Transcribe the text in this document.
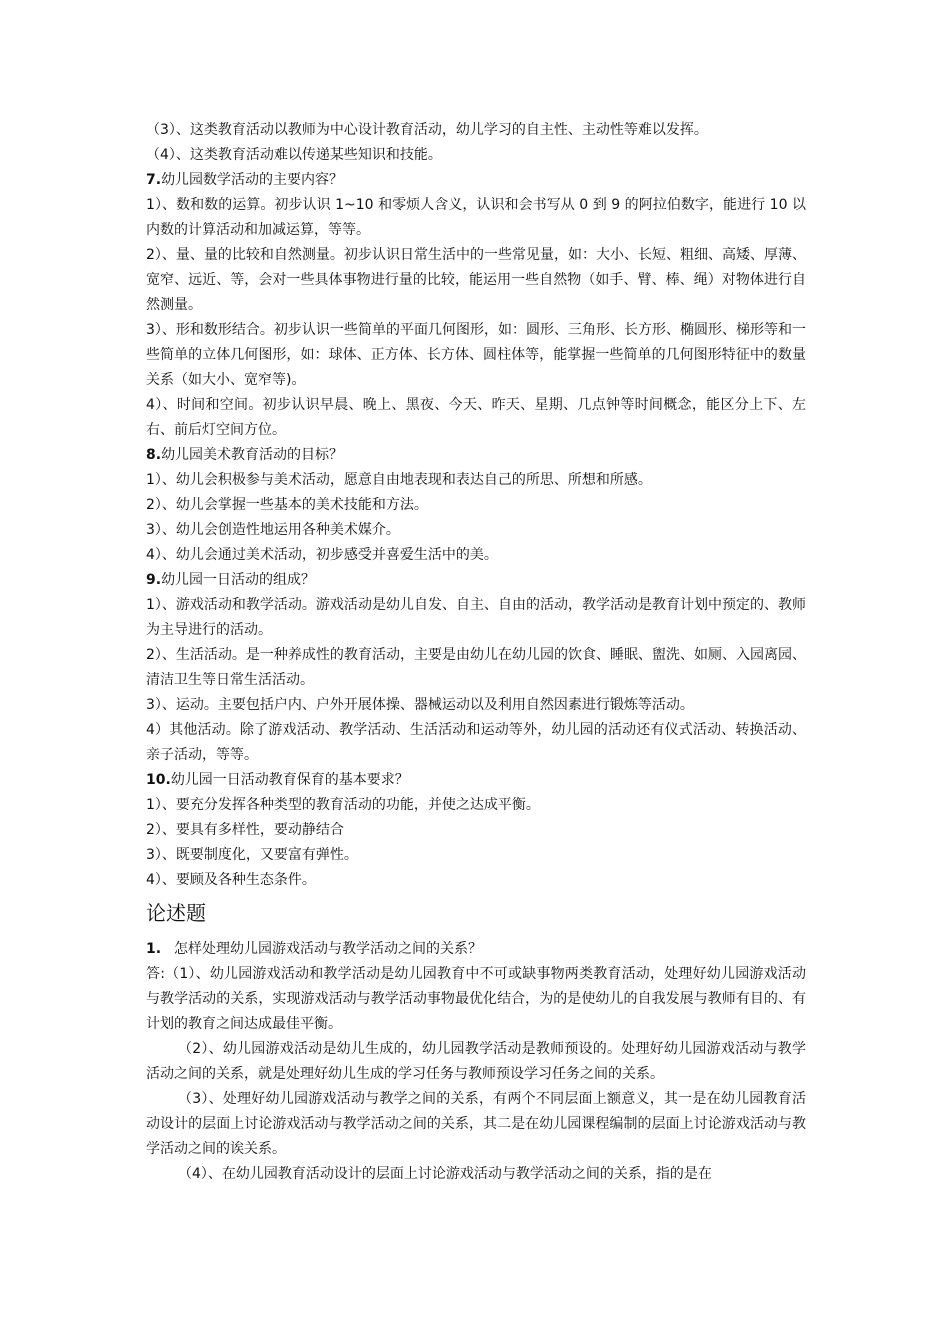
（3）、这类教育活动以教师为中心设计教育活动，幼儿学习的自主性、主动性等难以发挥。

（4）、这类教育活动难以传递某些知识和技能。

7.幼儿园数学活动的主要内容？

1）、数和数的运算。初步认识 1~10 和零烦人含义，认识和会书写从 0 到 9 的阿拉伯数字，能进行 10 以内数的计算活动和加减运算，等等。

2）、量、量的比较和自然测量。初步认识日常生活中的一些常见量，如：大小、长短、粗细、高矮、厚薄、宽窄、远近、等，会对一些具体事物进行量的比较，能运用一些自然物（如手、臂、棒、绳）对物体进行自然测量。

3）、形和数形结合。初步认识一些简单的平面几何图形，如：圆形、三角形、长方形、椭圆形、梯形等和一些简单的立体几何图形，如：球体、正方体、长方体、圆柱体等，能掌握一些简单的几何图形特征中的数量关系（如大小、宽窄等)。

4）、时间和空间。初步认识早晨、晚上、黑夜、今天、昨天、星期、几点钟等时间概念，能区分上下、左右、前后灯空间方位。

8.幼儿园美术教育活动的目标？

1）、幼儿会积极参与美术活动，愿意自由地表现和表达自己的所思、所想和所感。

2）、幼儿会掌握一些基本的美术技能和方法。

3）、幼儿会创造性地运用各种美术媒介。

4）、幼儿会通过美术活动，初步感受并喜爱生活中的美。

9.幼儿园一日活动的组成？

1）、游戏活动和教学活动。游戏活动是幼儿自发、自主、自由的活动，教学活动是教育计划中预定的、教师为主导进行的活动。

2）、生活活动。是一种养成性的教育活动，主要是由幼儿在幼儿园的饮食、睡眠、盥洗、如厕、入园离园、清洁卫生等日常生活活动。

3）、运动。主要包括户内、户外开展体操、器械运动以及利用自然因素进行锻炼等活动。

4）其他活动。除了游戏活动、教学活动、生活活动和运动等外，幼儿园的活动还有仪式活动、转换活动、亲子活动，等等。

10.幼儿园一日活动教育保育的基本要求？

1）、要充分发挥各种类型的教育活动的功能，并使之达成平衡。

2）、要具有多样性，要动静结合

3）、既要制度化，又要富有弹性。

4）、要顾及各种生态条件。

论述题

1. 怎样处理幼儿园游戏活动与教学活动之间的关系？

答:（1）、幼儿园游戏活动和教学活动是幼儿园教育中不可或缺事物两类教育活动，处理好幼儿园游戏活动与教学活动的关系，实现游戏活动与教学活动事物最优化结合，为的是使幼儿的自我发展与教师有目的、有计划的教育之间达成最佳平衡。

（2）、幼儿园游戏活动是幼儿生成的，幼儿园教学活动是教师预设的。处理好幼儿园游戏活动与教学活动之间的关系，就是处理好幼儿生成的学习任务与教师预设学习任务之间的关系。

（3）、处理好幼儿园游戏活动与教学之间的关系，有两个不同层面上额意义，其一是在幼儿园教育活动设计的层面上讨论游戏活动与教学活动之间的关系，其二是在幼儿园课程编制的层面上讨论游戏活动与教学活动之间的诶关系。

（4）、在幼儿园教育活动设计的层面上讨论游戏活动与教学活动之间的关系，指的是在
